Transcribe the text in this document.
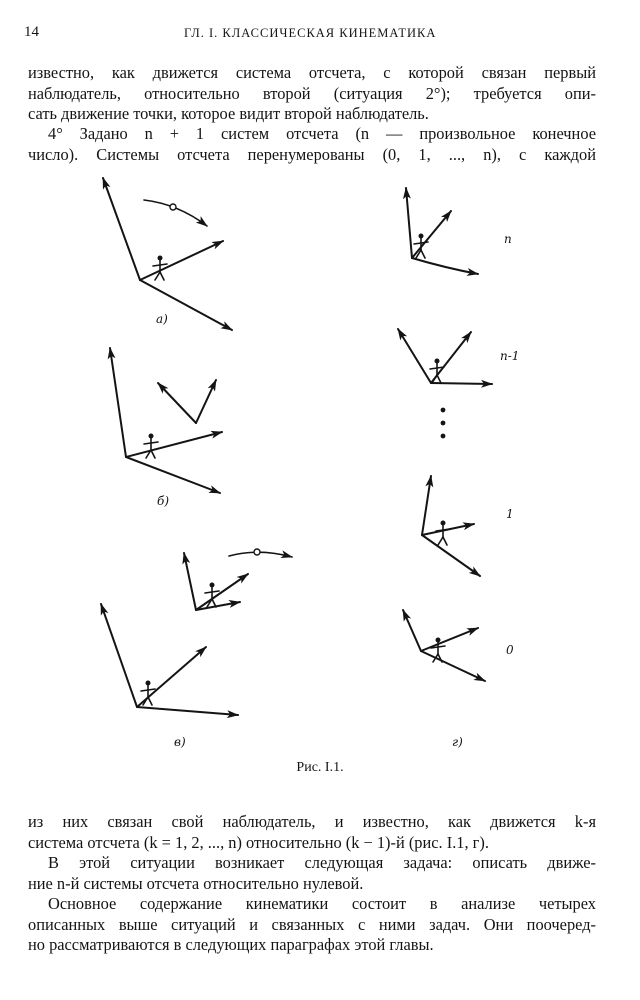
14	ГЛ. I. КЛАССИЧЕСКАЯ КИНЕМАТИКА
известно, как движется система отсчета, с которой связан первый
наблюдатель, относительно второй (ситуация 2°); требуется опи-
сать движение точки, которое видит второй наблюдатель.
4° Задано n + 1 систем отсчета (n — произвольное конечное
число). Системы отсчета перенумерованы (0, 1, ..., n), с каждой
а)
б)
в)	г)
n
n-1
1
0
Рис. I.1.
из них связан свой наблюдатель, и известно, как движется k-я
система отсчета (k = 1, 2, ..., n) относительно (k − 1)-й (рис. I.1, г).
В этой ситуации возникает следующая задача: описать движе-
ние n-й системы отсчета относительно нулевой.
Основное содержание кинематики состоит в анализе четырех
описанных выше ситуаций и связанных с ними задач. Они поочеред-
но рассматриваются в следующих параграфах этой главы.
